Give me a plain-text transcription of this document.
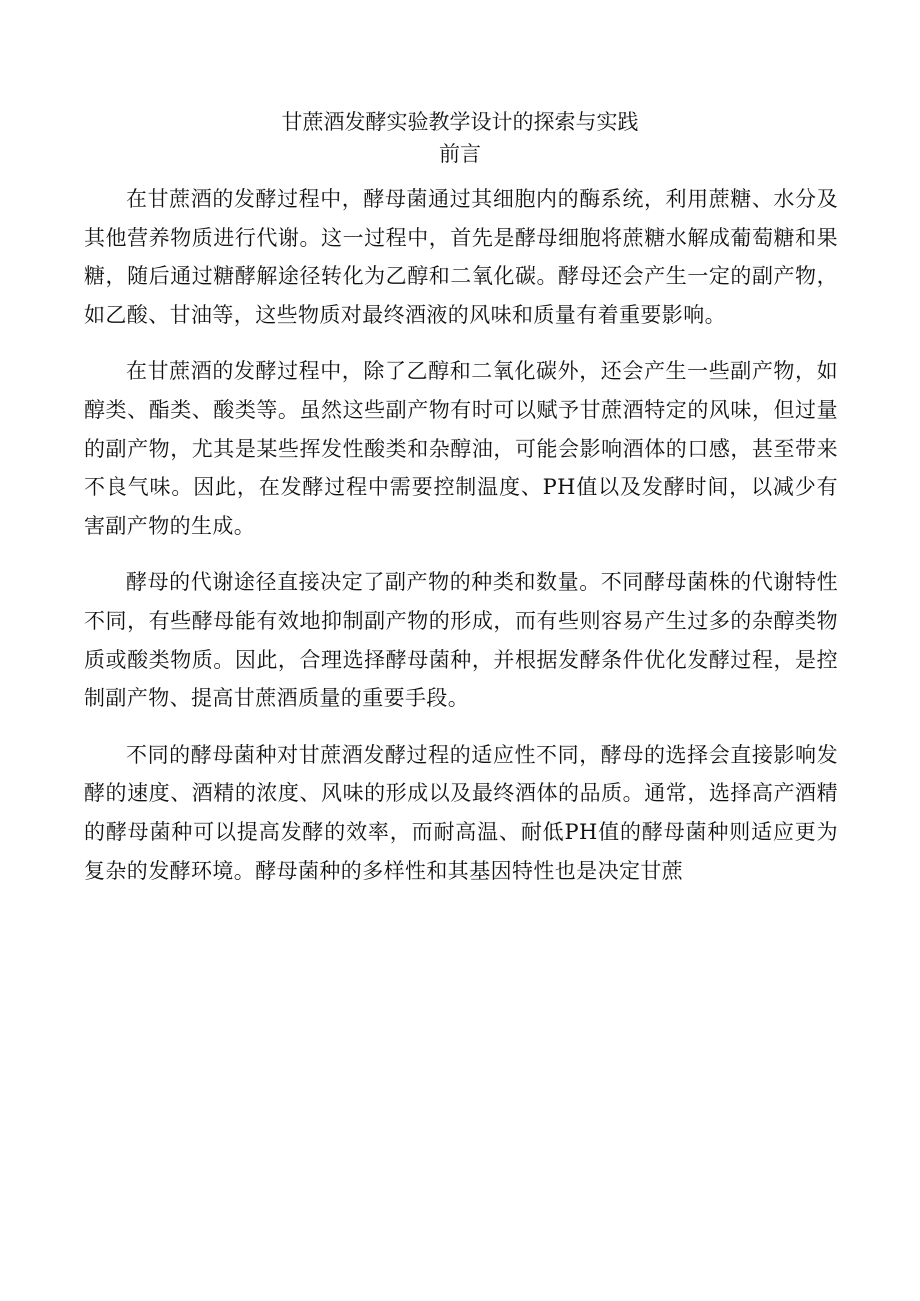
甘蔗酒发酵实验教学设计的探索与实践
前言

在甘蔗酒的发酵过程中，酵母菌通过其细胞内的酶系统，利用蔗糖、水分及其他营养物质进行代谢。这一过程中，首先是酵母细胞将蔗糖水解成葡萄糖和果糖，随后通过糖酵解途径转化为乙醇和二氧化碳。酵母还会产生一定的副产物，如乙酸、甘油等，这些物质对最终酒液的风味和质量有着重要影响。

在甘蔗酒的发酵过程中，除了乙醇和二氧化碳外，还会产生一些副产物，如醇类、酯类、酸类等。虽然这些副产物有时可以赋予甘蔗酒特定的风味，但过量的副产物，尤其是某些挥发性酸类和杂醇油，可能会影响酒体的口感，甚至带来不良气味。因此，在发酵过程中需要控制温度、PH值以及发酵时间，以减少有害副产物的生成。

酵母的代谢途径直接决定了副产物的种类和数量。不同酵母菌株的代谢特性不同，有些酵母能有效地抑制副产物的形成，而有些则容易产生过多的杂醇类物质或酸类物质。因此，合理选择酵母菌种，并根据发酵条件优化发酵过程，是控制副产物、提高甘蔗酒质量的重要手段。

不同的酵母菌种对甘蔗酒发酵过程的适应性不同，酵母的选择会直接影响发酵的速度、酒精的浓度、风味的形成以及最终酒体的品质。通常，选择高产酒精的酵母菌种可以提高发酵的效率，而耐高温、耐低PH值的酵母菌种则适应更为复杂的发酵环境。酵母菌种的多样性和其基因特性也是决定甘蔗
